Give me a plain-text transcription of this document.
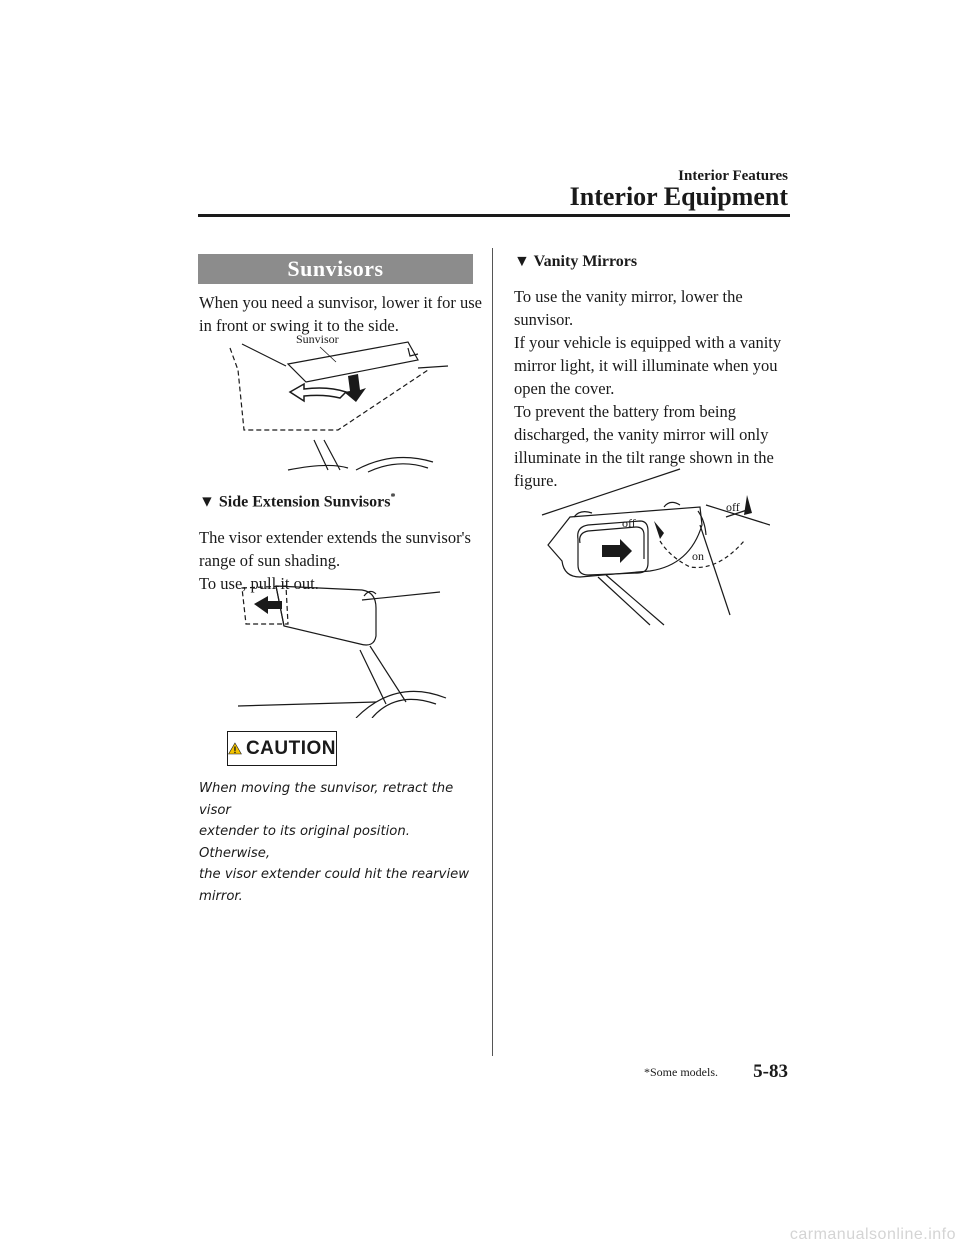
Interior Features
Interior Equipment
Sunvisors
When you need a sunvisor, lower it for use
in front or swing it to the side.
Sunvisor
▼ Side Extension Sunvisors*
The visor extender extends the sunvisor's
range of sun shading.
To use, pull it out.
CAUTION
When moving the sunvisor, retract the visor
extender to its original position. Otherwise,
the visor extender could hit the rearview
mirror.
▼ Vanity Mirrors
To use the vanity mirror, lower the
sunvisor.
If your vehicle is equipped with a vanity
mirror light, it will illuminate when you
open the cover.
To prevent the battery from being
discharged, the vanity mirror will only
illuminate in the tilt range shown in the
figure.
off
off
on
*Some models. 5-83
carmanualsonline.info
